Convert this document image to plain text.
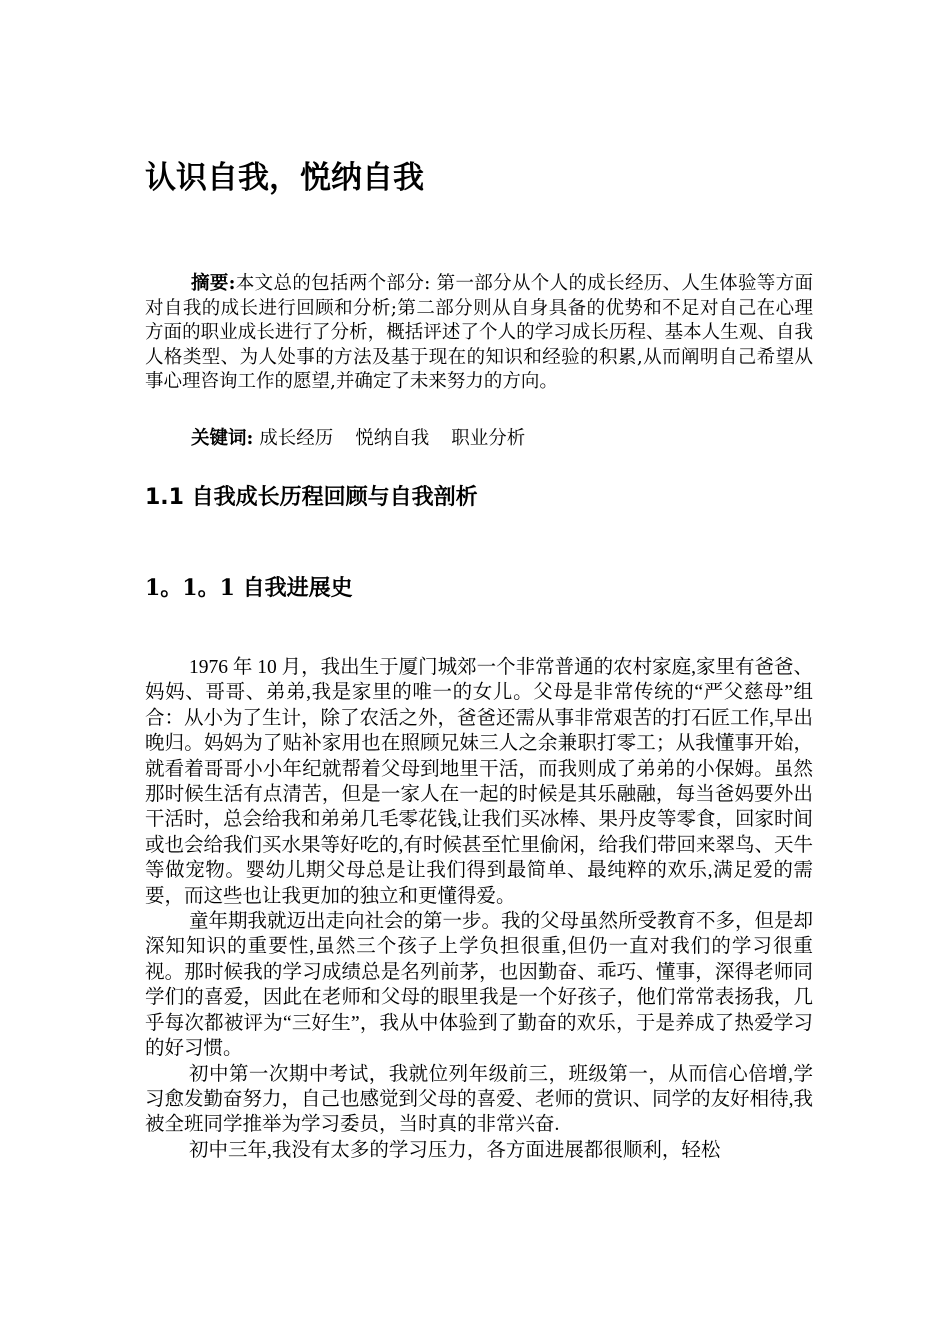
认识自我，悦纳自我

摘要:本文总的包括两个部分: 第一部分从个人的成长经历、人生体验等方面对自我的成长进行回顾和分析;第二部分则从自身具备的优势和不足对自己在心理方面的职业成长进行了分析，概括评述了个人的学习成长历程、基本人生观、自我人格类型、为人处事的方法及基于现在的知识和经验的积累,从而阐明自己希望从事心理咨询工作的愿望,并确定了未来努力的方向。

关键词: 成长经历 悦纳自我 职业分析

1.1 自我成长历程回顾与自我剖析
1。1。1 自我进展史

1976 年 10 月，我出生于厦门城郊一个非常普通的农村家庭,家里有爸爸、妈妈、哥哥、弟弟,我是家里的唯一的女儿。父母是非常传统的“严父慈母”组合：从小为了生计，除了农活之外，爸爸还需从事非常艰苦的打石匠工作,早出晚归。妈妈为了贴补家用也在照顾兄妹三人之余兼职打零工；从我懂事开始，就看着哥哥小小年纪就帮着父母到地里干活，而我则成了弟弟的小保姆。虽然那时候生活有点清苦，但是一家人在一起的时候是其乐融融，每当爸妈要外出干活时，总会给我和弟弟几毛零花钱,让我们买冰棒、果丹皮等零食，回家时间或也会给我们买水果等好吃的,有时候甚至忙里偷闲，给我们带回来翠鸟、天牛等做宠物。婴幼儿期父母总是让我们得到最简单、最纯粹的欢乐,满足爱的需要，而这些也让我更加的独立和更懂得爱。

童年期我就迈出走向社会的第一步。我的父母虽然所受教育不多，但是却深知知识的重要性,虽然三个孩子上学负担很重,但仍一直对我们的学习很重视。那时候我的学习成绩总是名列前茅，也因勤奋、乖巧、懂事，深得老师同学们的喜爱，因此在老师和父母的眼里我是一个好孩子，他们常常表扬我，几乎每次都被评为“三好生”，我从中体验到了勤奋的欢乐，于是养成了热爱学习的好习惯。

初中第一次期中考试，我就位列年级前三，班级第一，从而信心倍增,学习愈发勤奋努力，自己也感觉到父母的喜爱、老师的赏识、同学的友好相待,我被全班同学推举为学习委员，当时真的非常兴奋.

初中三年,我没有太多的学习压力，各方面进展都很顺利，轻松
